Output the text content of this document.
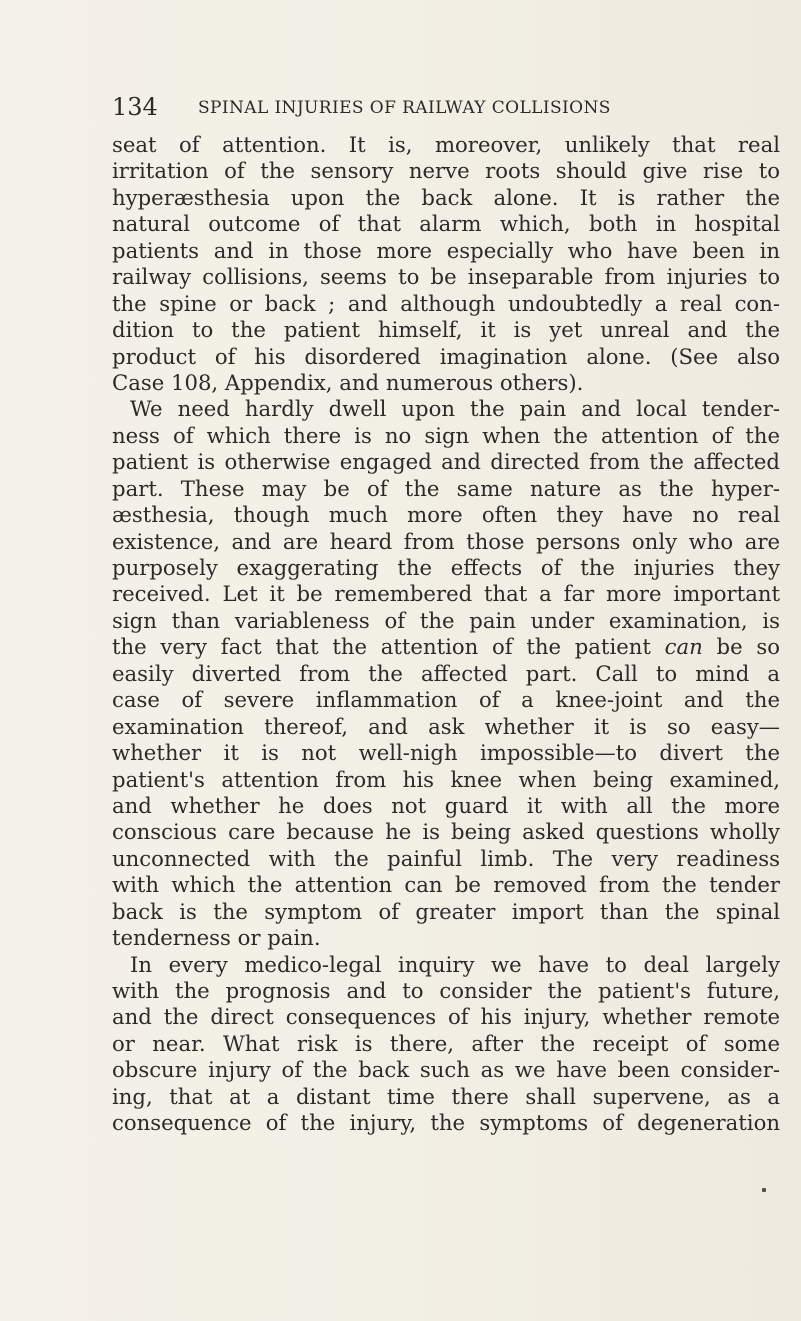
134 SPINAL INJURIES OF RAILWAY COLLISIONS
seat of attention. It is, moreover, unlikely that real
irritation of the sensory nerve roots should give rise to
hyperæsthesia upon the back alone. It is rather the
natural outcome of that alarm which, both in hospital
patients and in those more especially who have been in
railway collisions, seems to be inseparable from injuries to
the spine or back ; and although undoubtedly a real con-
dition to the patient himself, it is yet unreal and the
product of his disordered imagination alone. (See also
Case 108, Appendix, and numerous others).
We need hardly dwell upon the pain and local tender-
ness of which there is no sign when the attention of the
patient is otherwise engaged and directed from the affected
part. These may be of the same nature as the hyper-
æsthesia, though much more often they have no real
existence, and are heard from those persons only who are
purposely exaggerating the effects of the injuries they
received. Let it be remembered that a far more important
sign than variableness of the pain under examination, is
the very fact that the attention of the patient can be so
easily diverted from the affected part. Call to mind a
case of severe inflammation of a knee-joint and the
examination thereof, and ask whether it is so easy—
whether it is not well-nigh impossible—to divert the
patient's attention from his knee when being examined,
and whether he does not guard it with all the more
conscious care because he is being asked questions wholly
unconnected with the painful limb. The very readiness
with which the attention can be removed from the tender
back is the symptom of greater import than the spinal
tenderness or pain.
In every medico-legal inquiry we have to deal largely
with the prognosis and to consider the patient's future,
and the direct consequences of his injury, whether remote
or near. What risk is there, after the receipt of some
obscure injury of the back such as we have been consider-
ing, that at a distant time there shall supervene, as a
consequence of the injury, the symptoms of degeneration
